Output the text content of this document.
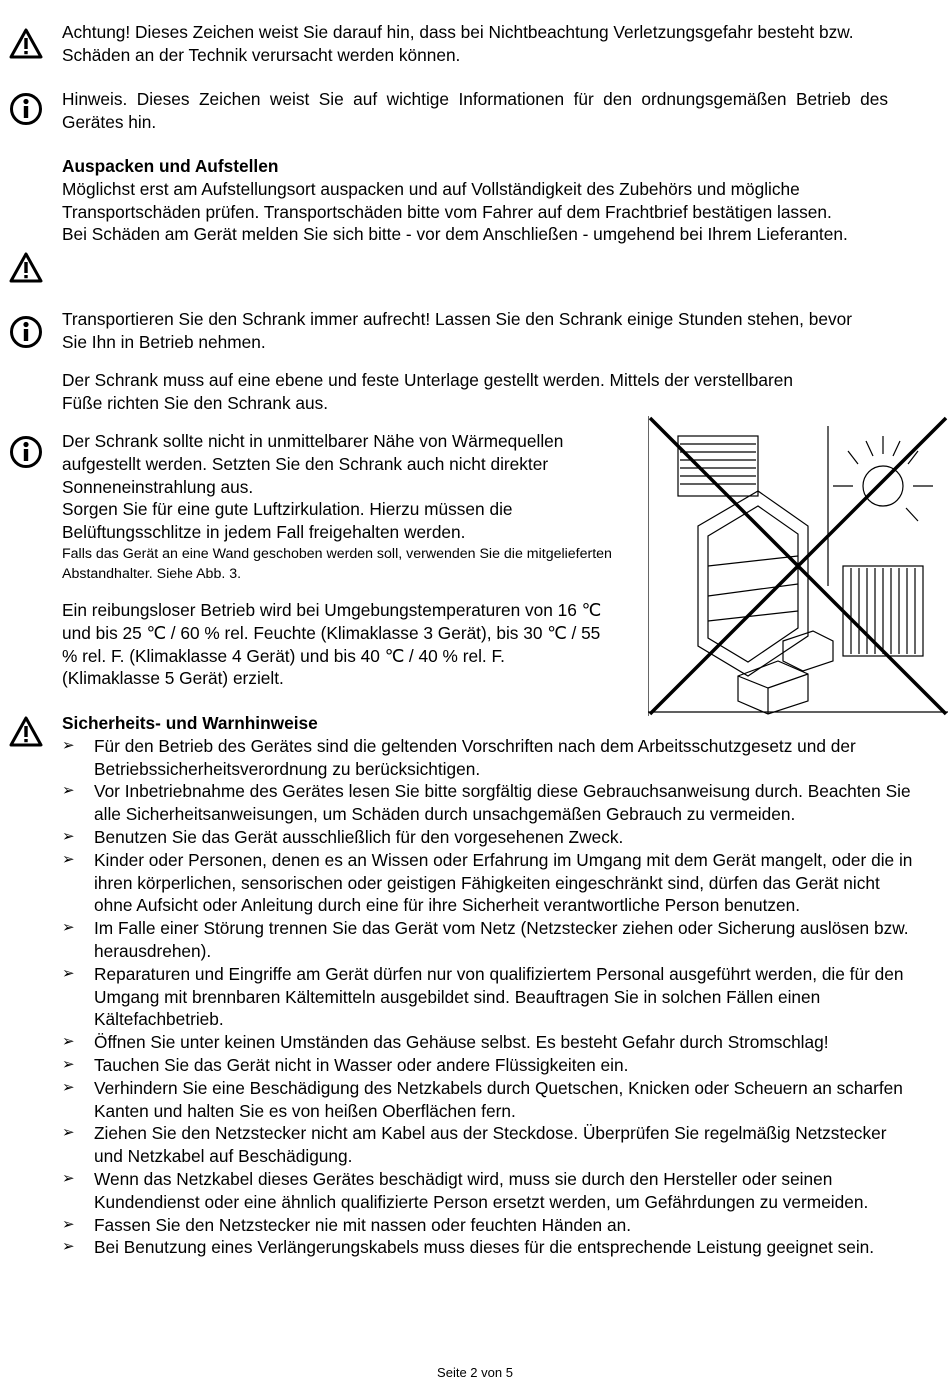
Achtung! Dieses Zeichen weist Sie darauf hin, dass bei Nichtbeachtung Verletzungsgefahr besteht bzw. Schäden an der Technik verursacht werden können.

Hinweis. Dieses Zeichen weist Sie auf wichtige Informationen für den ordnungsgemäßen Betrieb des Gerätes hin.

Auspacken und Aufstellen

Möglichst erst am Aufstellungsort auspacken und auf Vollständigkeit des Zubehörs und mögliche Transportschäden prüfen. Transportschäden bitte vom Fahrer auf dem Frachtbrief bestätigen lassen.

Bei Schäden am Gerät melden Sie sich bitte - vor dem Anschließen - umgehend bei Ihrem Lieferanten.

Transportieren Sie den Schrank immer aufrecht! Lassen Sie den Schrank einige Stunden stehen, bevor Sie Ihn in Betrieb nehmen.

Der Schrank muss auf eine ebene und feste Unterlage gestellt werden. Mittels der verstellbaren Füße richten Sie den Schrank aus.

Der Schrank sollte nicht in unmittelbarer Nähe von Wärmequellen aufgestellt werden. Setzten Sie den Schrank auch nicht direkter Sonneneinstrahlung aus.

Sorgen Sie für eine gute Luftzirkulation. Hierzu müssen die Belüftungsschlitze in jedem Fall freigehalten werden.

Falls das Gerät an eine Wand geschoben werden soll, verwenden Sie die mitgelieferten Abstandhalter. Siehe Abb. 3.

Ein reibungsloser Betrieb wird bei Umgebungstemperaturen von 16 ℃ und bis 25 ℃ / 60 % rel. Feuchte (Klimaklasse 3 Gerät), bis 30 ℃ / 55 % rel. F. (Klimaklasse 4 Gerät) und bis 40 ℃ / 40 % rel. F. (Klimaklasse 5 Gerät) erzielt.

Sicherheits- und Warnhinweise

➢	Für den Betrieb des Gerätes sind die geltenden Vorschriften nach dem Arbeitsschutzgesetz und der Betriebssicherheitsverordnung zu berücksichtigen.
➢	Vor Inbetriebnahme des Gerätes lesen Sie bitte sorgfältig diese Gebrauchsanweisung durch. Beachten Sie alle Sicherheitsanweisungen, um Schäden durch unsachgemäßen Gebrauch zu vermeiden.
➢	Benutzen Sie das Gerät ausschließlich für den vorgesehenen Zweck.
➢	Kinder oder Personen, denen es an Wissen oder Erfahrung im Umgang mit dem Gerät mangelt, oder die in ihren körperlichen, sensorischen oder geistigen Fähigkeiten eingeschränkt sind, dürfen das Gerät nicht ohne Aufsicht oder Anleitung durch eine für ihre Sicherheit verantwortliche Person benutzen.
➢	Im Falle einer Störung trennen Sie das Gerät vom Netz (Netzstecker ziehen oder Sicherung auslösen bzw. herausdrehen).
➢	Reparaturen und Eingriffe am Gerät dürfen nur von qualifiziertem Personal ausgeführt werden, die für den Umgang mit brennbaren Kältemitteln ausgebildet sind. Beauftragen Sie in solchen Fällen einen Kältefachbetrieb.
➢	Öffnen Sie unter keinen Umständen das Gehäuse selbst. Es besteht Gefahr durch Stromschlag!
➢	Tauchen Sie das Gerät nicht in Wasser oder andere Flüssigkeiten ein.
➢	Verhindern Sie eine Beschädigung des Netzkabels durch Quetschen, Knicken oder Scheuern an scharfen Kanten und halten Sie es von heißen Oberflächen fern.
➢	Ziehen Sie den Netzstecker nicht am Kabel aus der Steckdose. Überprüfen Sie regelmäßig Netzstecker und Netzkabel auf Beschädigung.
➢	Wenn das Netzkabel dieses Gerätes beschädigt wird, muss sie durch den Hersteller oder seinen Kundendienst oder eine ähnlich qualifizierte Person ersetzt werden, um Gefährdungen zu vermeiden.
➢	Fassen Sie den Netzstecker nie mit nassen oder feuchten Händen an.
➢	Bei Benutzung eines Verlängerungskabels muss dieses für die entsprechende Leistung geeignet sein.
Seite 2 von 5
